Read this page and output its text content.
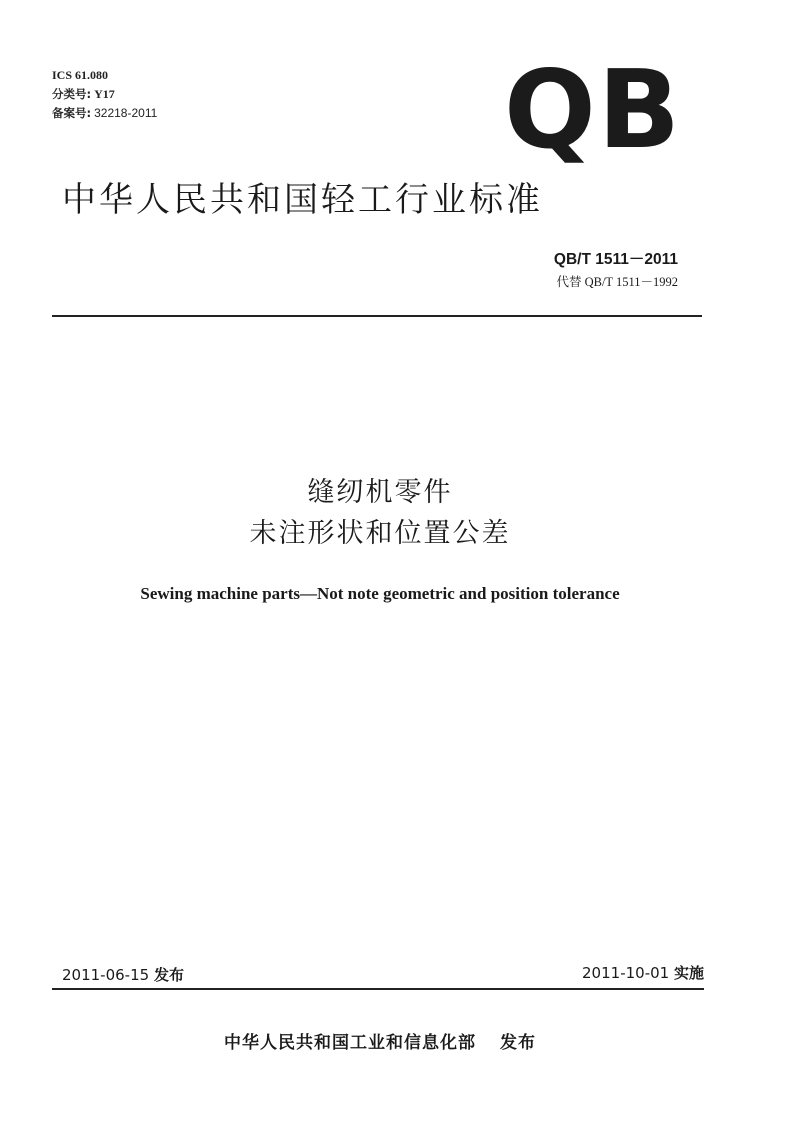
ICS 61.080
分类号: Y17
备案号: 32218-2011	QB
中华人民共和国轻工行业标准
QB/T 1511－2011
代替 QB/T 1511－1992
缝纫机零件
未注形状和位置公差
Sewing machine parts—Not note geometric and position tolerance
2011-06-15 发布	2011-10-01 实施
中华人民共和国工业和信息化部 发布
